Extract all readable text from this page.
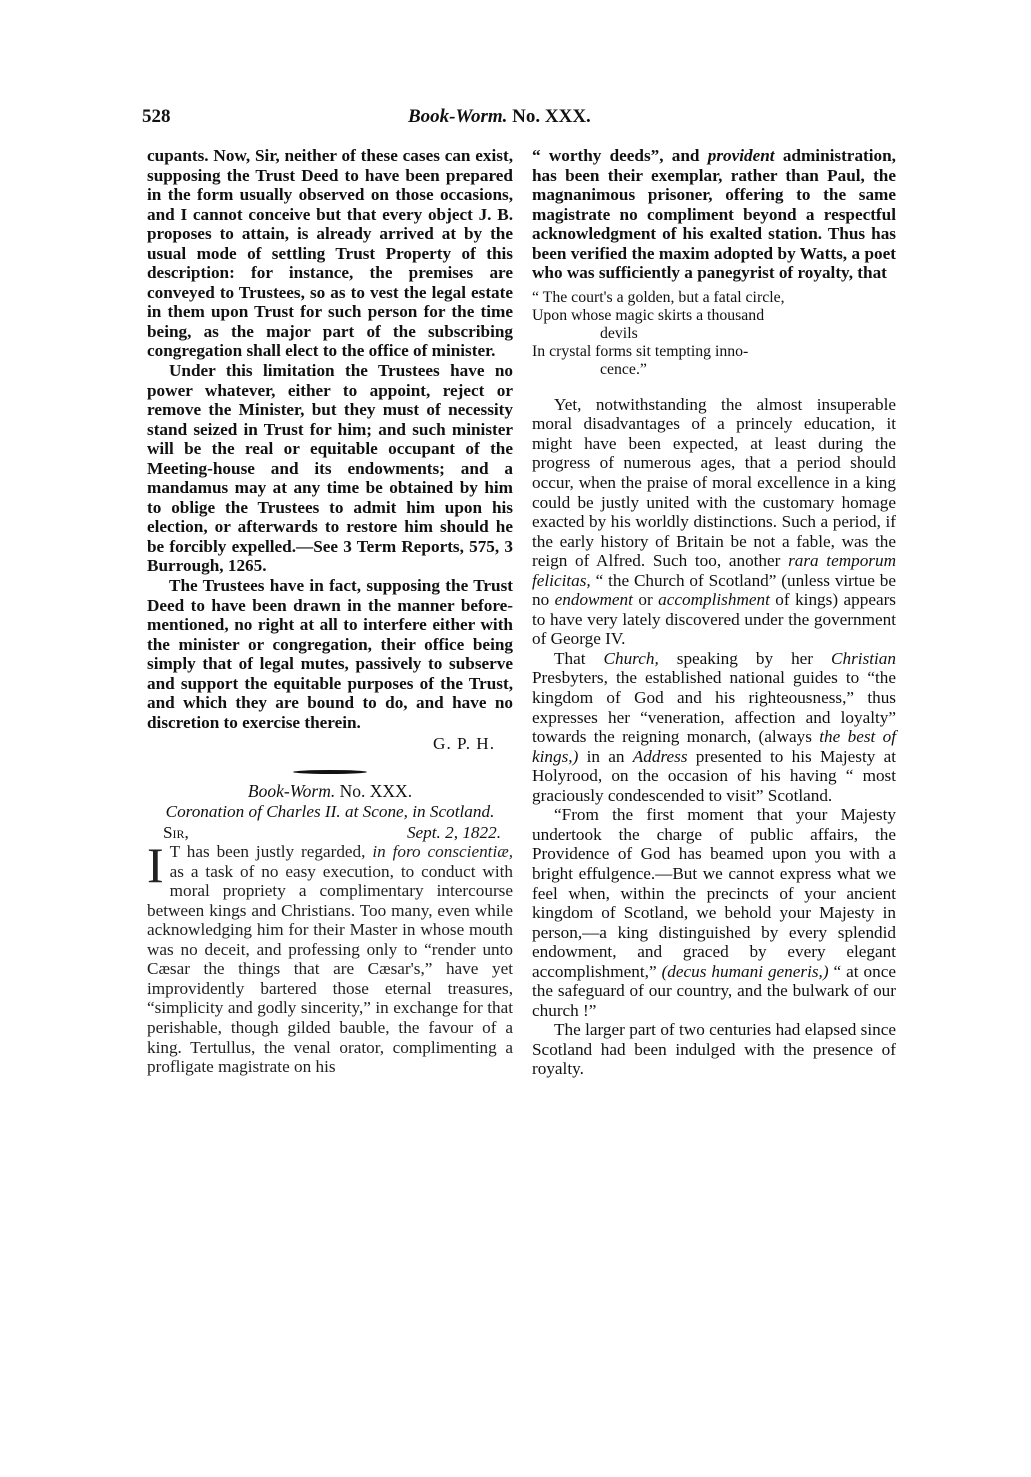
528	Book-Worm. No. XXX.

cupants. Now, Sir, neither of these cases can exist, supposing the Trust Deed to have been prepared in the form usually observed on those occasions, and I cannot conceive but that every object J. B. proposes to attain, is already arrived at by the usual mode of settling Trust Property of this description: for instance, the premises are conveyed to Trustees, so as to vest the legal estate in them upon Trust for such person for the time being, as the major part of the subscribing congregation shall elect to the office of minister.

Under this limitation the Trustees have no power whatever, either to appoint, reject or remove the Minister, but they must of necessity stand seized in Trust for him; and such minister will be the real or equitable occupant of the Meeting-house and its endowments; and a mandamus may at any time be obtained by him to oblige the Trustees to admit him upon his election, or afterwards to restore him should he be forcibly expelled.—See 3 Term Reports, 575, 3 Burrough, 1265.

The Trustees have in fact, supposing the Trust Deed to have been drawn in the manner before-mentioned, no right at all to interfere either with the minister or congregation, their office being simply that of legal mutes, passively to subserve and support the equitable purposes of the Trust, and which they are bound to do, and have no discretion to exercise therein.

G. P. H.

Book-Worm. No. XXX.

Coronation of Charles II. at Scone, in Scotland.

Sir,	Sept. 2, 1822.

I T has been justly regarded, in foro conscientiæ, as a task of no easy execution, to conduct with moral propriety a complimentary intercourse between kings and Christians. Too many, even while acknowledging him for their Master in whose mouth was no deceit, and professing only to “render unto Cæsar the things that are Cæsar's,” have yet improvidently bartered those eternal treasures, “simplicity and godly sincerity,” in exchange for that perishable, though gilded bauble, the favour of a king. Tertullus, the venal orator, complimenting a profligate magistrate on his

“ worthy deeds”, and provident administration, has been their exemplar, rather than Paul, the magnanimous prisoner, offering to the same magistrate no compliment beyond a respectful acknowledgment of his exalted station. Thus has been verified the maxim adopted by Watts, a poet who was sufficiently a panegyrist of royalty, that

“ The court's a golden, but a fatal circle,
Upon whose magic skirts a thousand
devils
In crystal forms sit tempting inno-
cence.”

Yet, notwithstanding the almost insuperable moral disadvantages of a princely education, it might have been expected, at least during the progress of numerous ages, that a period should occur, when the praise of moral excellence in a king could be justly united with the customary homage exacted by his worldly distinctions. Such a period, if the early history of Britain be not a fable, was the reign of Alfred. Such too, another rara temporum felicitas, “ the Church of Scotland” (unless virtue be no endowment or accomplishment of kings) appears to have very lately discovered under the government of George IV.

That Church, speaking by her Christian Presbyters, the established national guides to “the kingdom of God and his righteousness,” thus expresses her “veneration, affection and loyalty” towards the reigning monarch, (always the best of kings,) in an Address presented to his Majesty at Holyrood, on the occasion of his having “ most graciously condescended to visit” Scotland.

“From the first moment that your Majesty undertook the charge of public affairs, the Providence of God has beamed upon you with a bright effulgence.—But we cannot express what we feel when, within the precincts of your ancient kingdom of Scotland, we behold your Majesty in person,—a king distinguished by every splendid endowment, and graced by every elegant accomplishment,” (decus humani generis,) “ at once the safeguard of our country, and the bulwark of our church !”

The larger part of two centuries had elapsed since Scotland had been indulged with the presence of royalty.
